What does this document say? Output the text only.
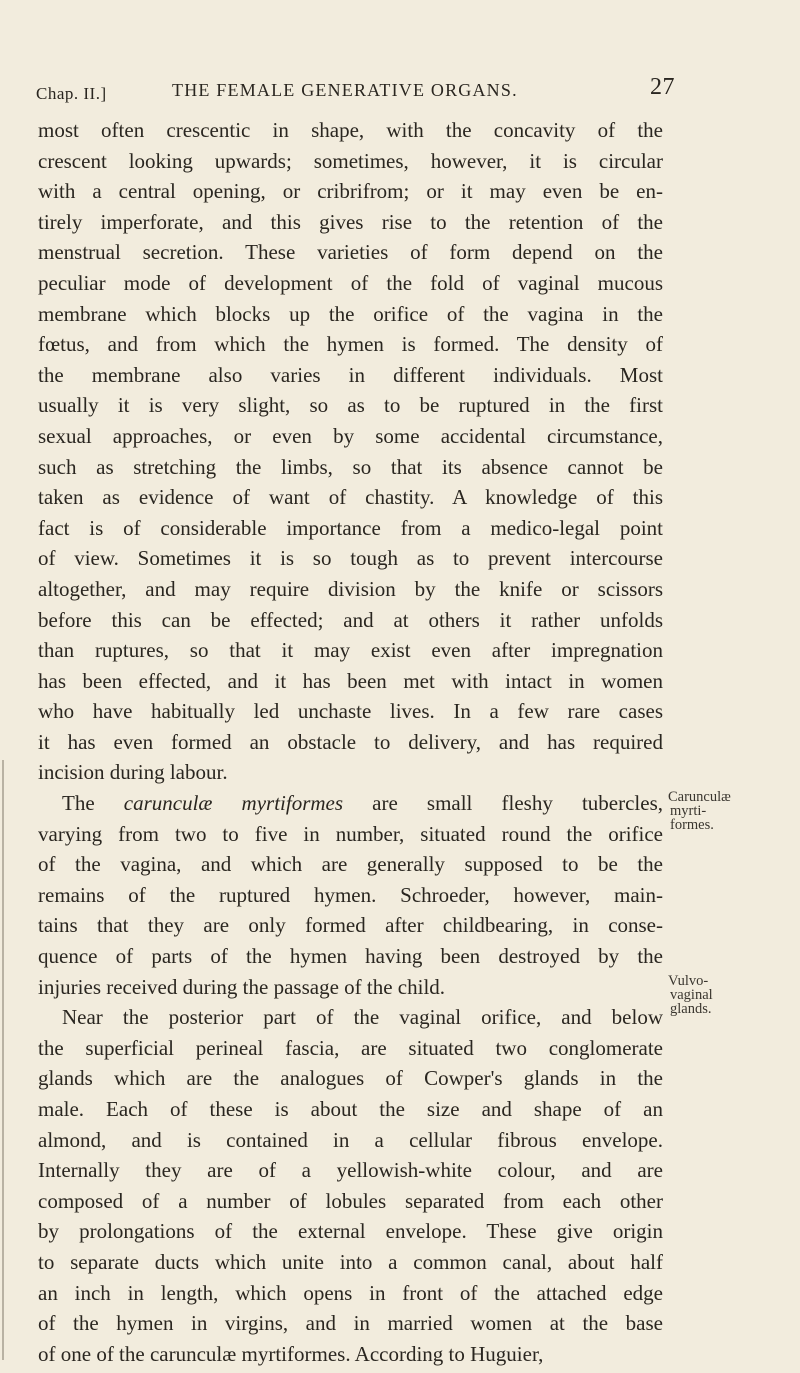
Chap. II.]	THE FEMALE GENERATIVE ORGANS.	27
most often crescentic in shape, with the concavity of the
crescent looking upwards; sometimes, however, it is circular
with a central opening, or cribrifrom; or it may even be en-
tirely imperforate, and this gives rise to the retention of the
menstrual secretion. These varieties of form depend on the
peculiar mode of development of the fold of vaginal mucous
membrane which blocks up the orifice of the vagina in the
fœtus, and from which the hymen is formed. The density of
the membrane also varies in different individuals. Most
usually it is very slight, so as to be ruptured in the first
sexual approaches, or even by some accidental circumstance,
such as stretching the limbs, so that its absence cannot be
taken as evidence of want of chastity. A knowledge of this
fact is of considerable importance from a medico-legal point
of view. Sometimes it is so tough as to prevent intercourse
altogether, and may require division by the knife or scissors
before this can be effected; and at others it rather unfolds
than ruptures, so that it may exist even after impregnation
has been effected, and it has been met with intact in women
who have habitually led unchaste lives. In a few rare cases
it has even formed an obstacle to delivery, and has required
incision during labour.
The carunculæ myrtiformes are small fleshy tubercles,
varying from two to five in number, situated round the orifice
of the vagina, and which are generally supposed to be the
remains of the ruptured hymen. Schroeder, however, main-
tains that they are only formed after childbearing, in conse-
quence of parts of the hymen having been destroyed by the
injuries received during the passage of the child.
Near the posterior part of the vaginal orifice, and below
the superficial perineal fascia, are situated two conglomerate
glands which are the analogues of Cowper's glands in the
male. Each of these is about the size and shape of an
almond, and is contained in a cellular fibrous envelope.
Internally they are of a yellowish-white colour, and are
composed of a number of lobules separated from each other
by prolongations of the external envelope. These give origin
to separate ducts which unite into a common canal, about half
an inch in length, which opens in front of the attached edge
of the hymen in virgins, and in married women at the base
of one of the carunculæ myrtiformes. According to Huguier,
Carunculæ
myrti-
formes.
Vulvo-
vaginal
glands.
